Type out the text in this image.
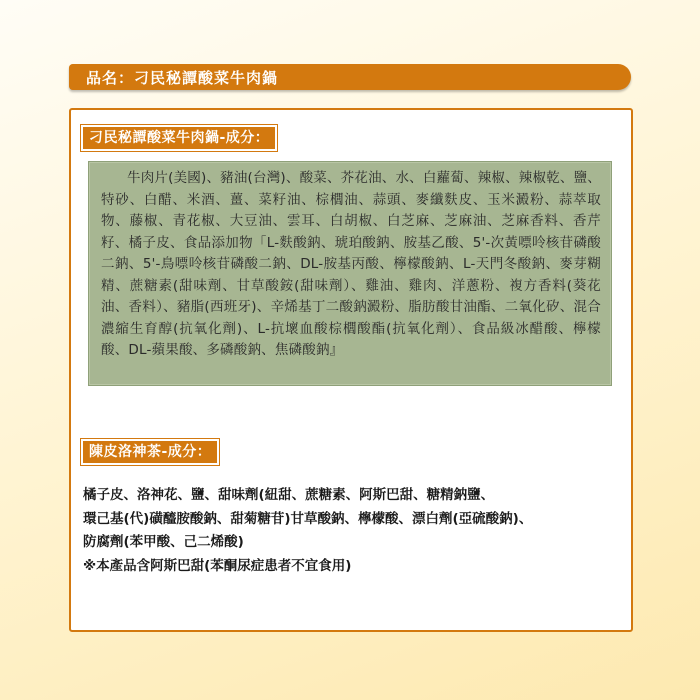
品名：刁民秘譚酸菜牛肉鍋
刁民秘譚酸菜牛肉鍋-成分：
牛肉片(美國)、豬油(台灣)、酸菜、芥花油、水、白蘿蔔、辣椒、辣椒乾、鹽、特砂、白醋、米酒、薑、菜籽油、棕櫚油、蒜頭、麥纖麩皮、玉米澱粉、蒜萃取物、藤椒、青花椒、大豆油、雲耳、白胡椒、白芝麻、芝麻油、芝麻香料、香芹籽、橘子皮、食品添加物「L-麩酸鈉、琥珀酸鈉、胺基乙酸、5'-次黃嘌呤核苷磷酸二鈉、5'-鳥嘌呤核苷磷酸二鈉、DL-胺基丙酸、檸檬酸鈉、L-天門冬酸鈉、麥芽糊精、蔗糖素(甜味劑、甘草酸銨(甜味劑）、雞油、雞肉、洋蔥粉、複方香料(葵花油、香料）、豬脂(西班牙)、辛烯基丁二酸鈉澱粉、脂肪酸甘油酯、二氧化矽、混合濃縮生育醇(抗氧化劑)、L-抗壞血酸棕櫚酸酯(抗氧化劑）、食品級冰醋酸、檸檬酸、DL-蘋果酸、多磷酸鈉、焦磷酸鈉』
陳皮洛神茶-成分：
橘子皮、洛神花、鹽、甜味劑(紐甜、蔗糖素、阿斯巴甜、糖精鈉鹽、
環己基(代)磺醯胺酸鈉、甜菊糖苷)甘草酸鈉、檸檬酸、漂白劑(亞硫酸鈉)、
防腐劑(苯甲酸、己二烯酸)
※本產品含阿斯巴甜(苯酮尿症患者不宜食用)
